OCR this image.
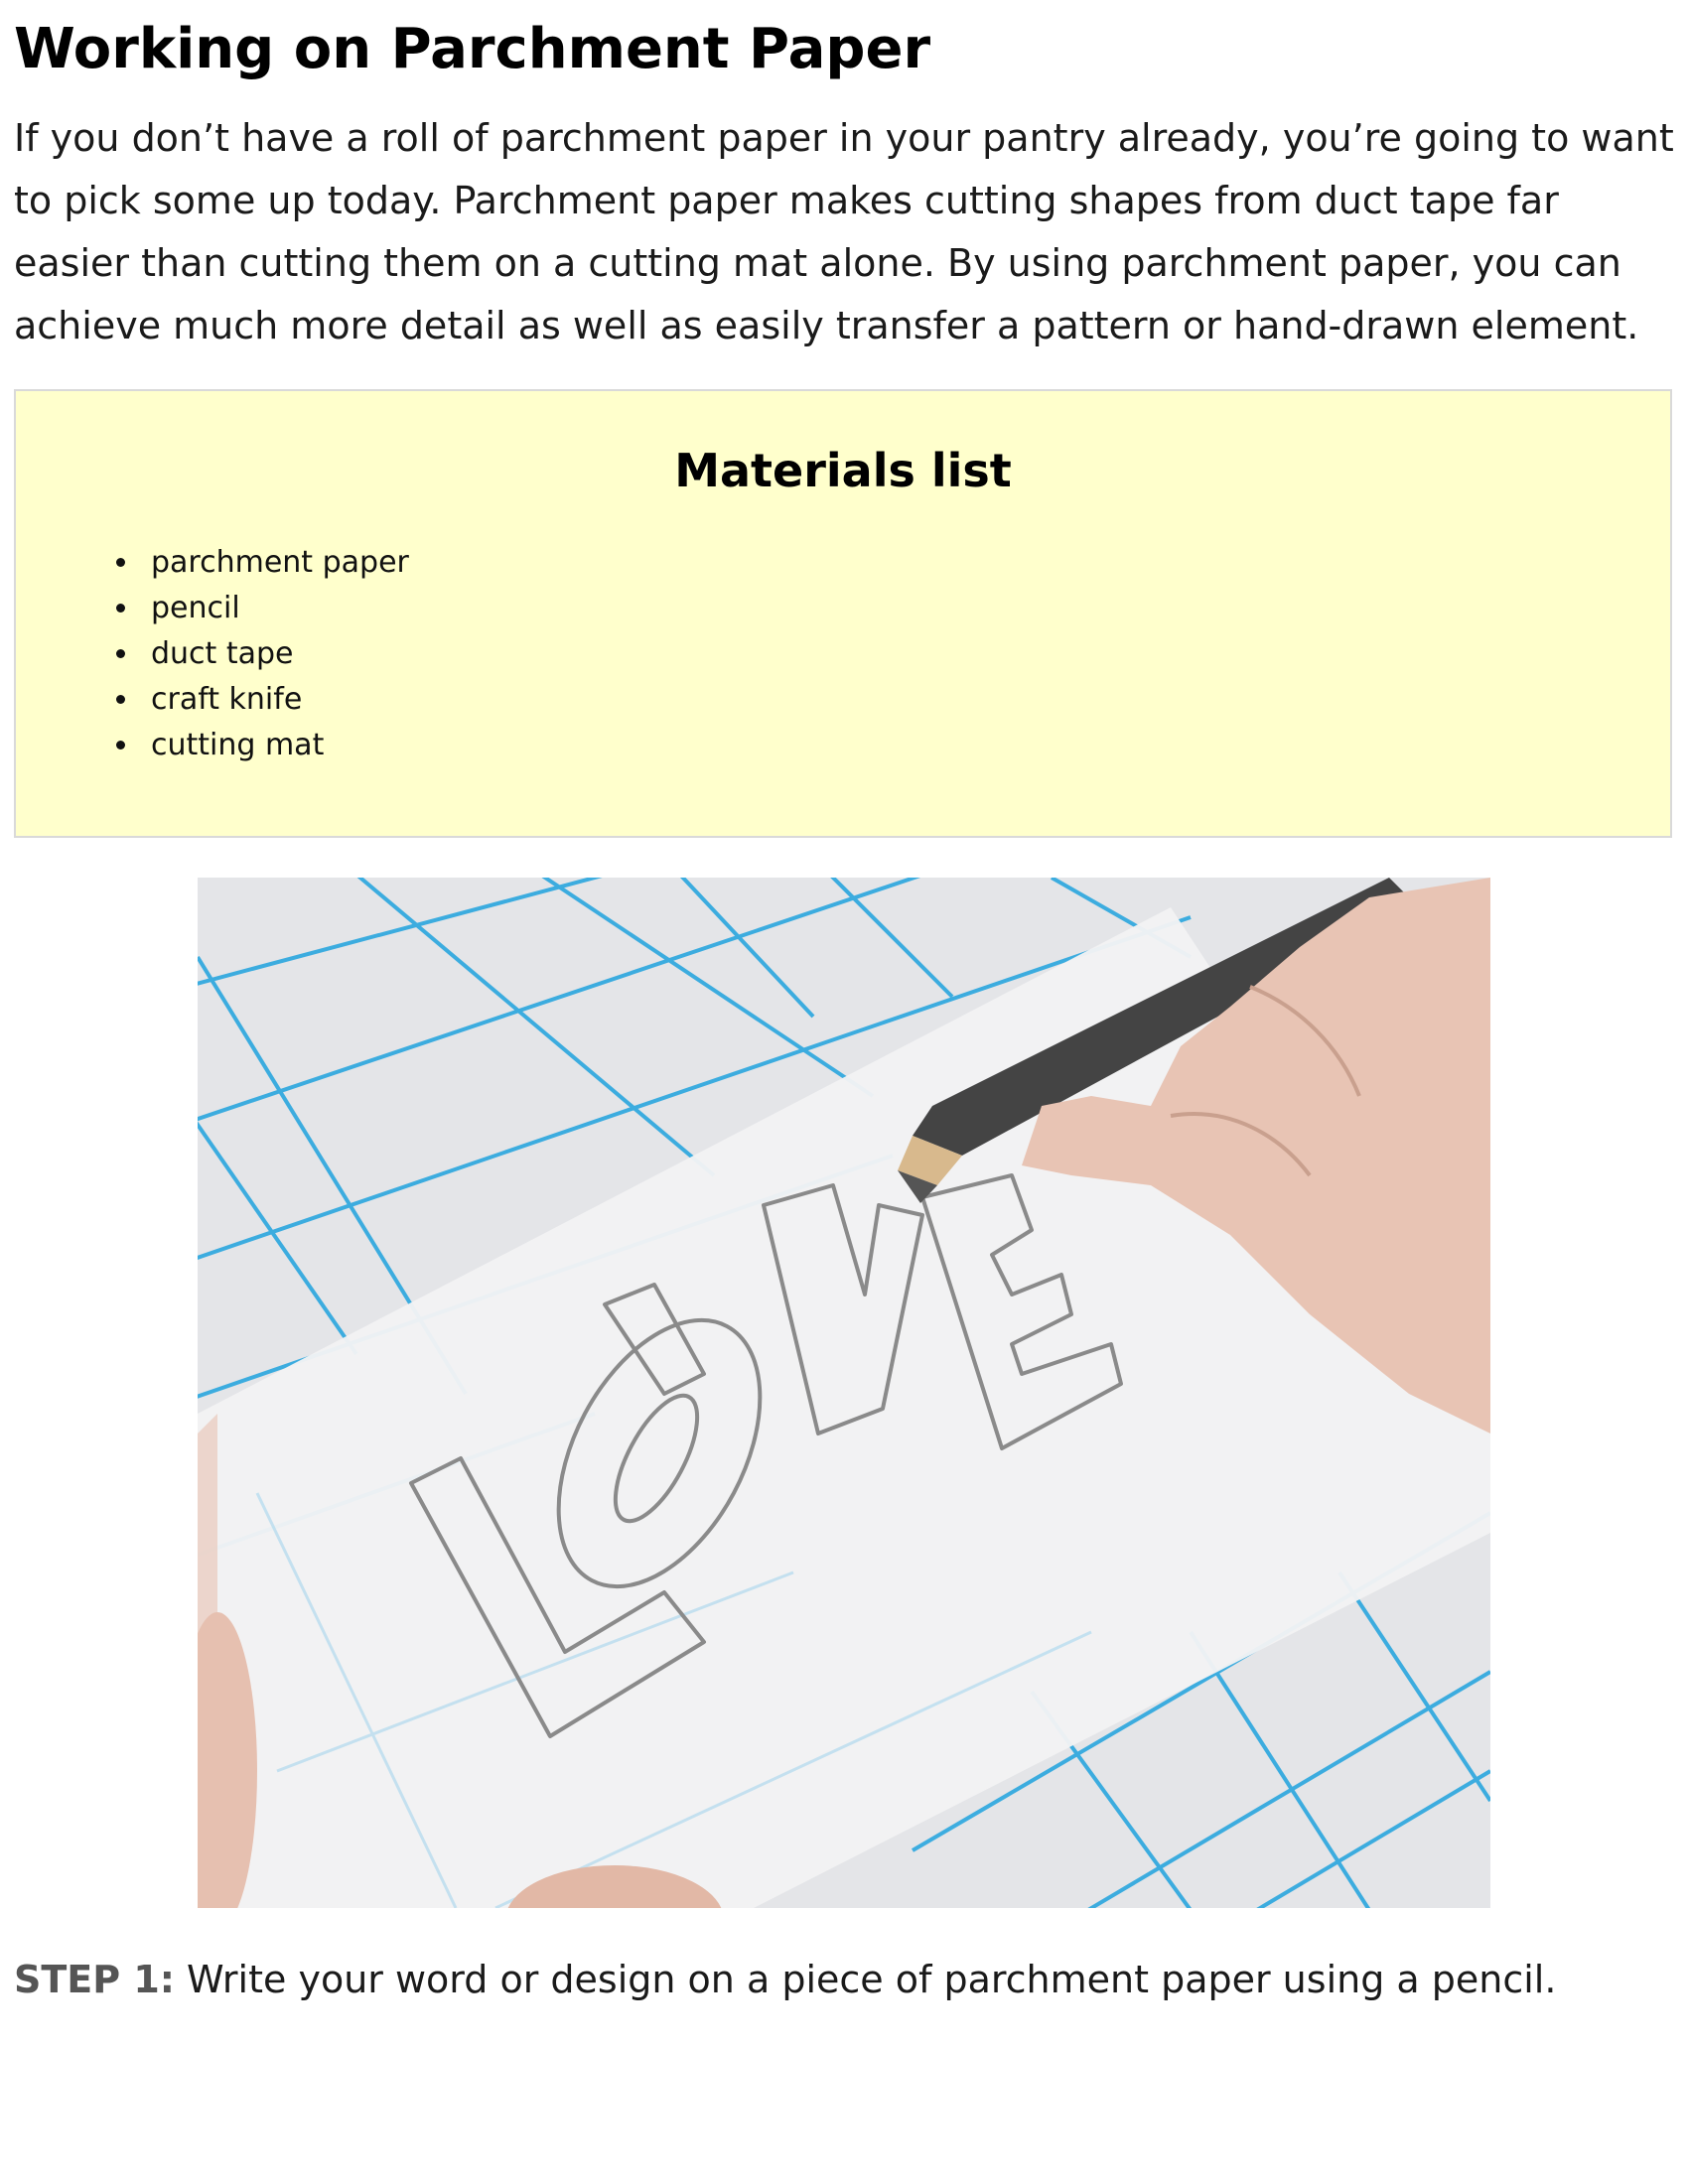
Working on Parchment Paper

If you don’t have a roll of parchment paper in your pantry already, you’re going to want to pick some up today. Parchment paper makes cutting shapes from duct tape far easier than cutting them on a cutting mat alone. By using parchment paper, you can achieve much more detail as well as easily transfer a pattern or hand-drawn element.

Materials list
• parchment paper
• pencil
• duct tape
• craft knife
• cutting mat

STEP 1: Write your word or design on a piece of parchment paper using a pencil.
